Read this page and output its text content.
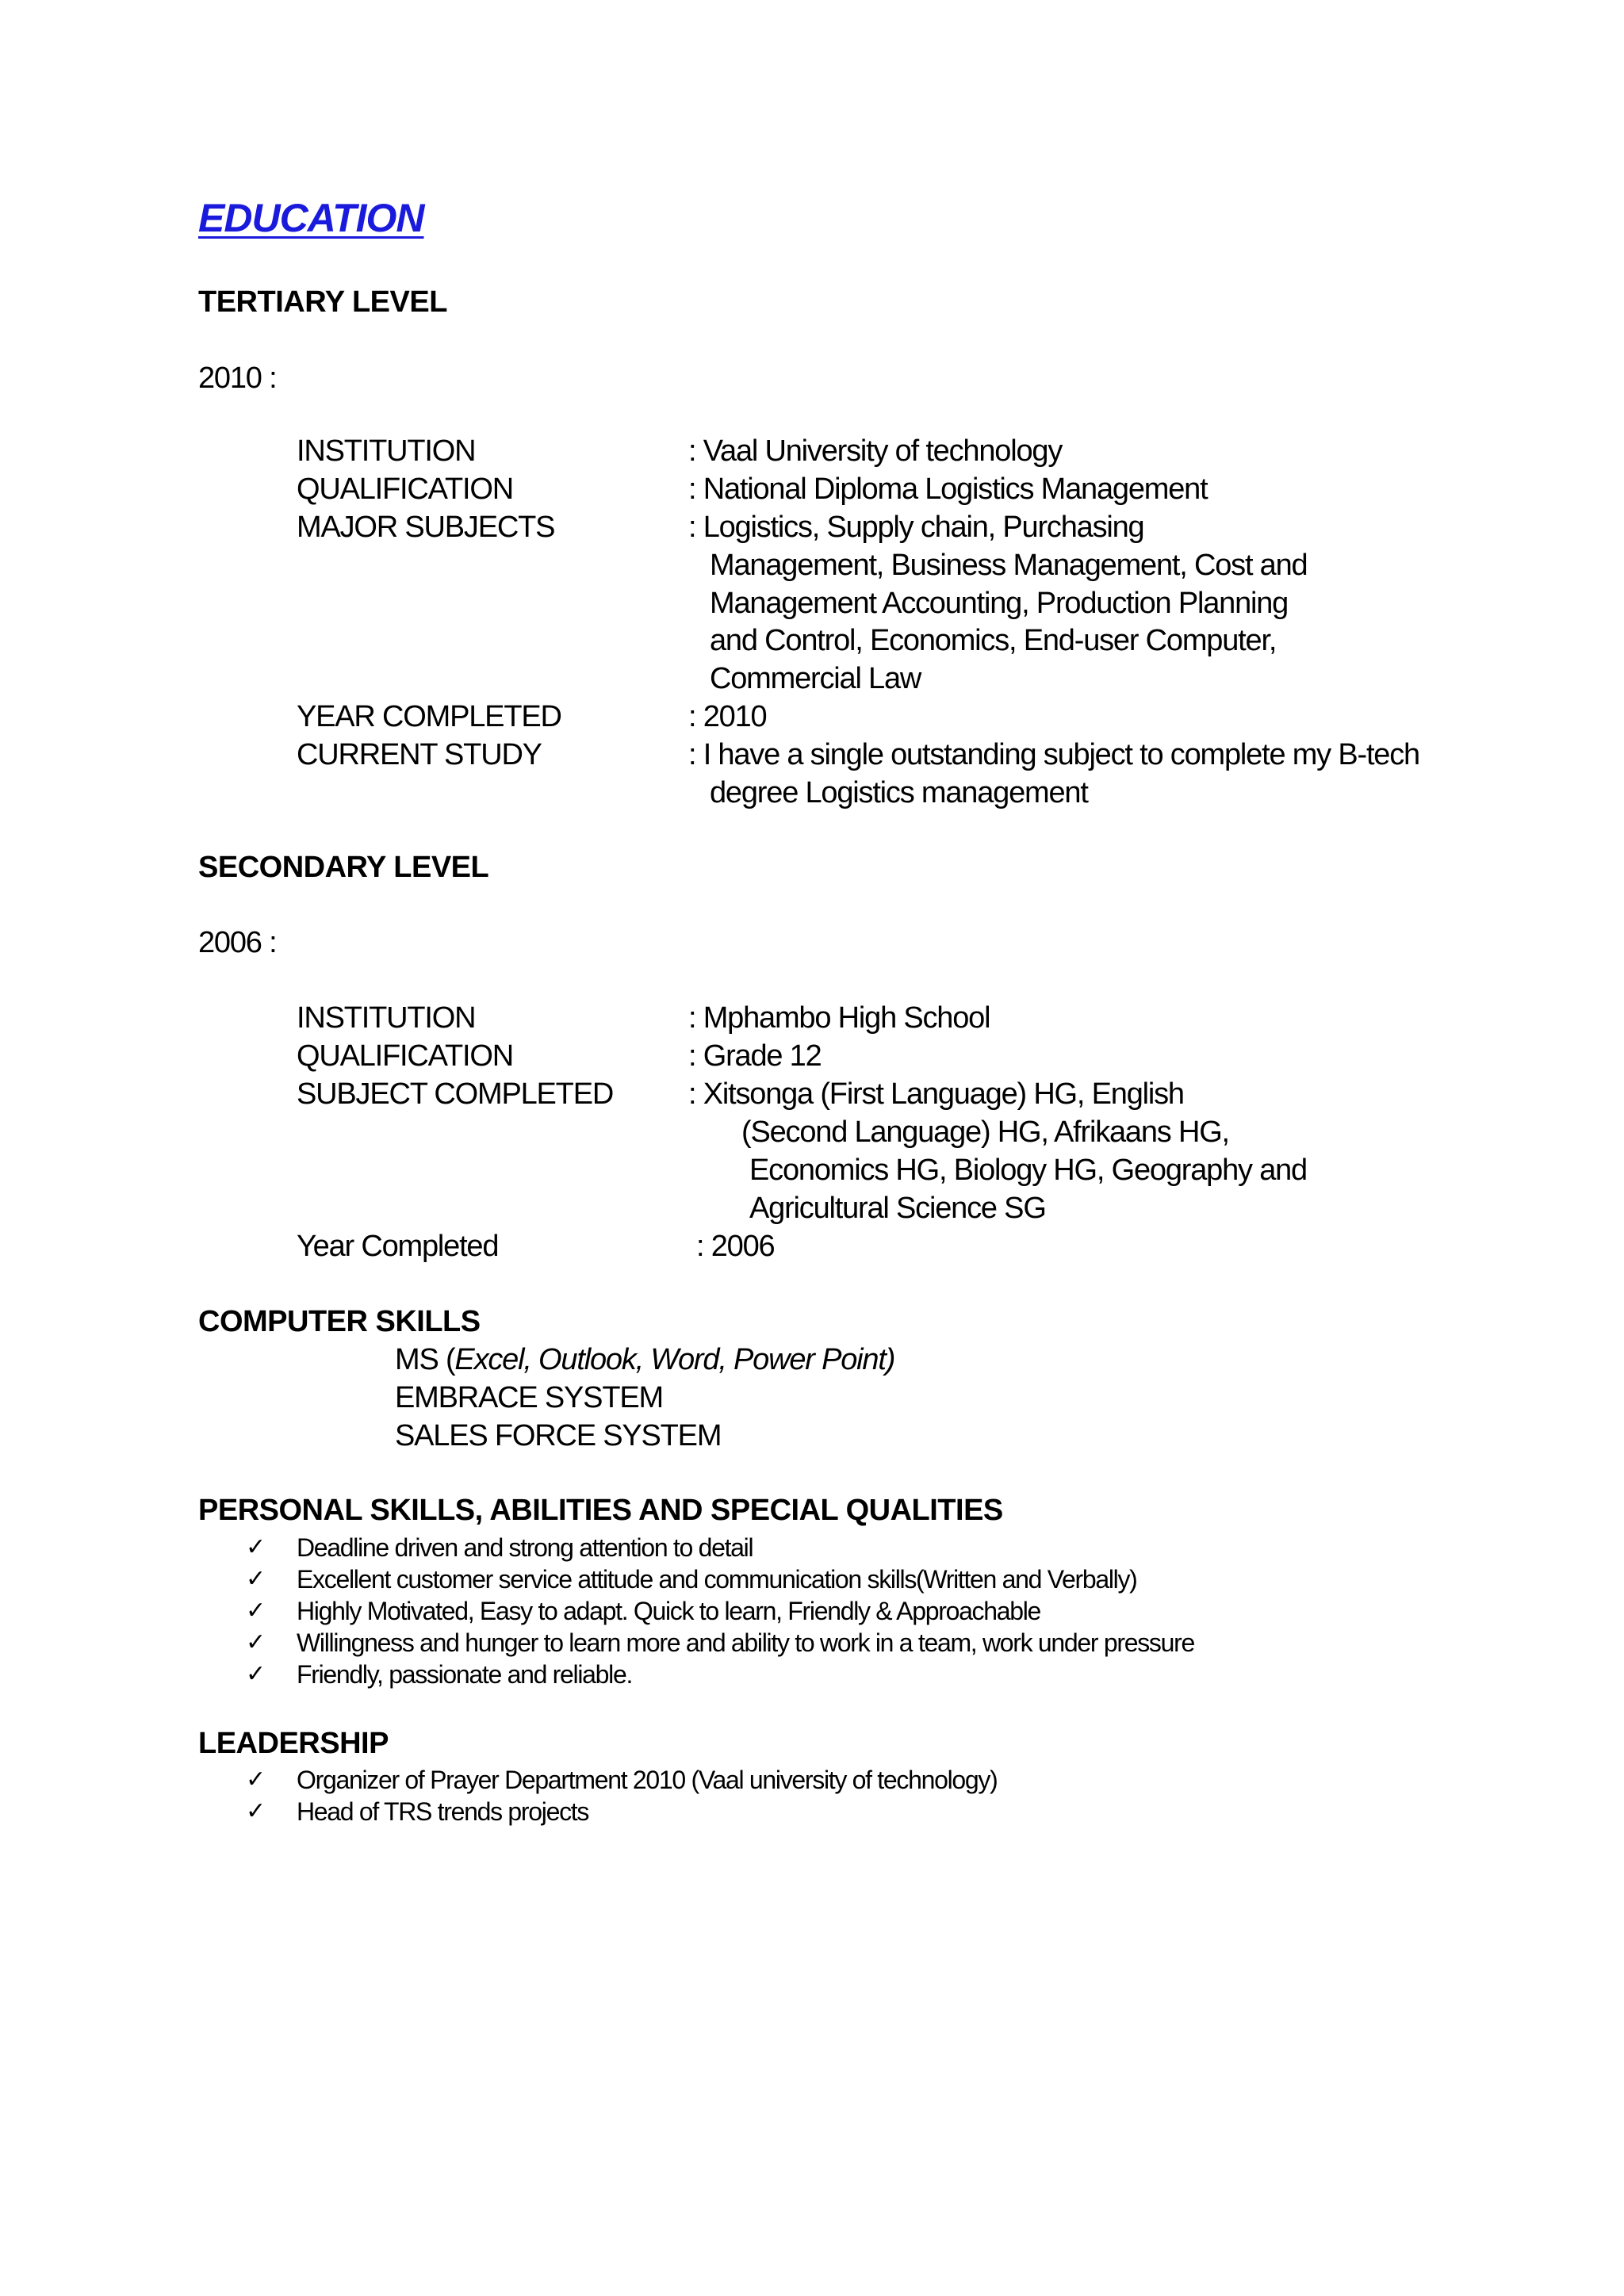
EDUCATION
TERTIARY LEVEL
2010 :
INSTITUTION	: Vaal University of technology
QUALIFICATION	: National Diploma Logistics Management
MAJOR SUBJECTS	: Logistics, Supply chain, Purchasing
Management, Business Management, Cost and
Management Accounting, Production Planning
and Control, Economics, End-user Computer,
Commercial Law
YEAR COMPLETED	: 2010
CURRENT STUDY	: I have a single outstanding subject to complete my B-tech
degree Logistics management
SECONDARY LEVEL
2006 :
INSTITUTION	: Mphambo High School
QUALIFICATION	: Grade 12
SUBJECT COMPLETED : Xitsonga (First Language) HG, English
(Second Language) HG, Afrikaans HG,
Economics HG, Biology HG, Geography and
Agricultural Science SG
Year Completed	: 2006
COMPUTER SKILLS
MS (Excel, Outlook, Word, Power Point)
EMBRACE SYSTEM
SALES FORCE SYSTEM
PERSONAL SKILLS, ABILITIES AND SPECIAL QUALITIES
✓ Deadline driven and strong attention to detail
✓ Excellent customer service attitude and communication skills(Written and Verbally)
✓ Highly Motivated, Easy to adapt. Quick to learn, Friendly & Approachable
✓ Willingness and hunger to learn more and ability to work in a team, work under pressure
✓ Friendly, passionate and reliable.
LEADERSHIP
✓ Organizer of Prayer Department 2010 (Vaal university of technology)
✓ Head of TRS trends projects
